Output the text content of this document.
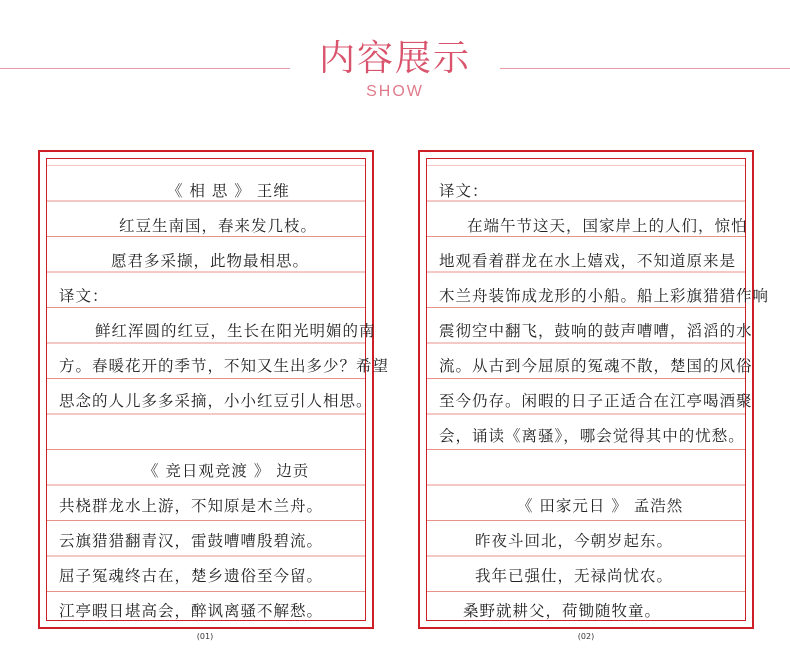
内容展示
SHOW
《 相 思 》 王维
红豆生南国，春来发几枝。
愿君多采撷，此物最相思。
译文：
鲜红浑圆的红豆，生长在阳光明媚的南
方。春暖花开的季节，不知又生出多少？希望
思念的人儿多多采摘，小小红豆引人相思。
《 竞日观竞渡 》 边贡
共桡群龙水上游，不知原是木兰舟。
云旗猎猎翻青汉，雷鼓嘈嘈殷碧流。
屈子冤魂终古在，楚乡遗俗至今留。
江亭暇日堪高会，醉讽离骚不解愁。
译文：
在端午节这天，国家岸上的人们，惊怕
地观看着群龙在水上嬉戏，不知道原来是
木兰舟装饰成龙形的小船。船上彩旗猎猎作响
震彻空中翻飞，鼓响的鼓声嘈嘈，滔滔的水
流。从古到今屈原的冤魂不散，楚国的风俗
至今仍存。闲暇的日子正适合在江亭喝酒聚
会，诵读《离骚》，哪会觉得其中的忧愁。
《 田家元日 》 孟浩然
昨夜斗回北，今朝岁起东。
我年已强仕，无禄尚忧农。
桑野就耕父，荷锄随牧童。
(01)	(02)
